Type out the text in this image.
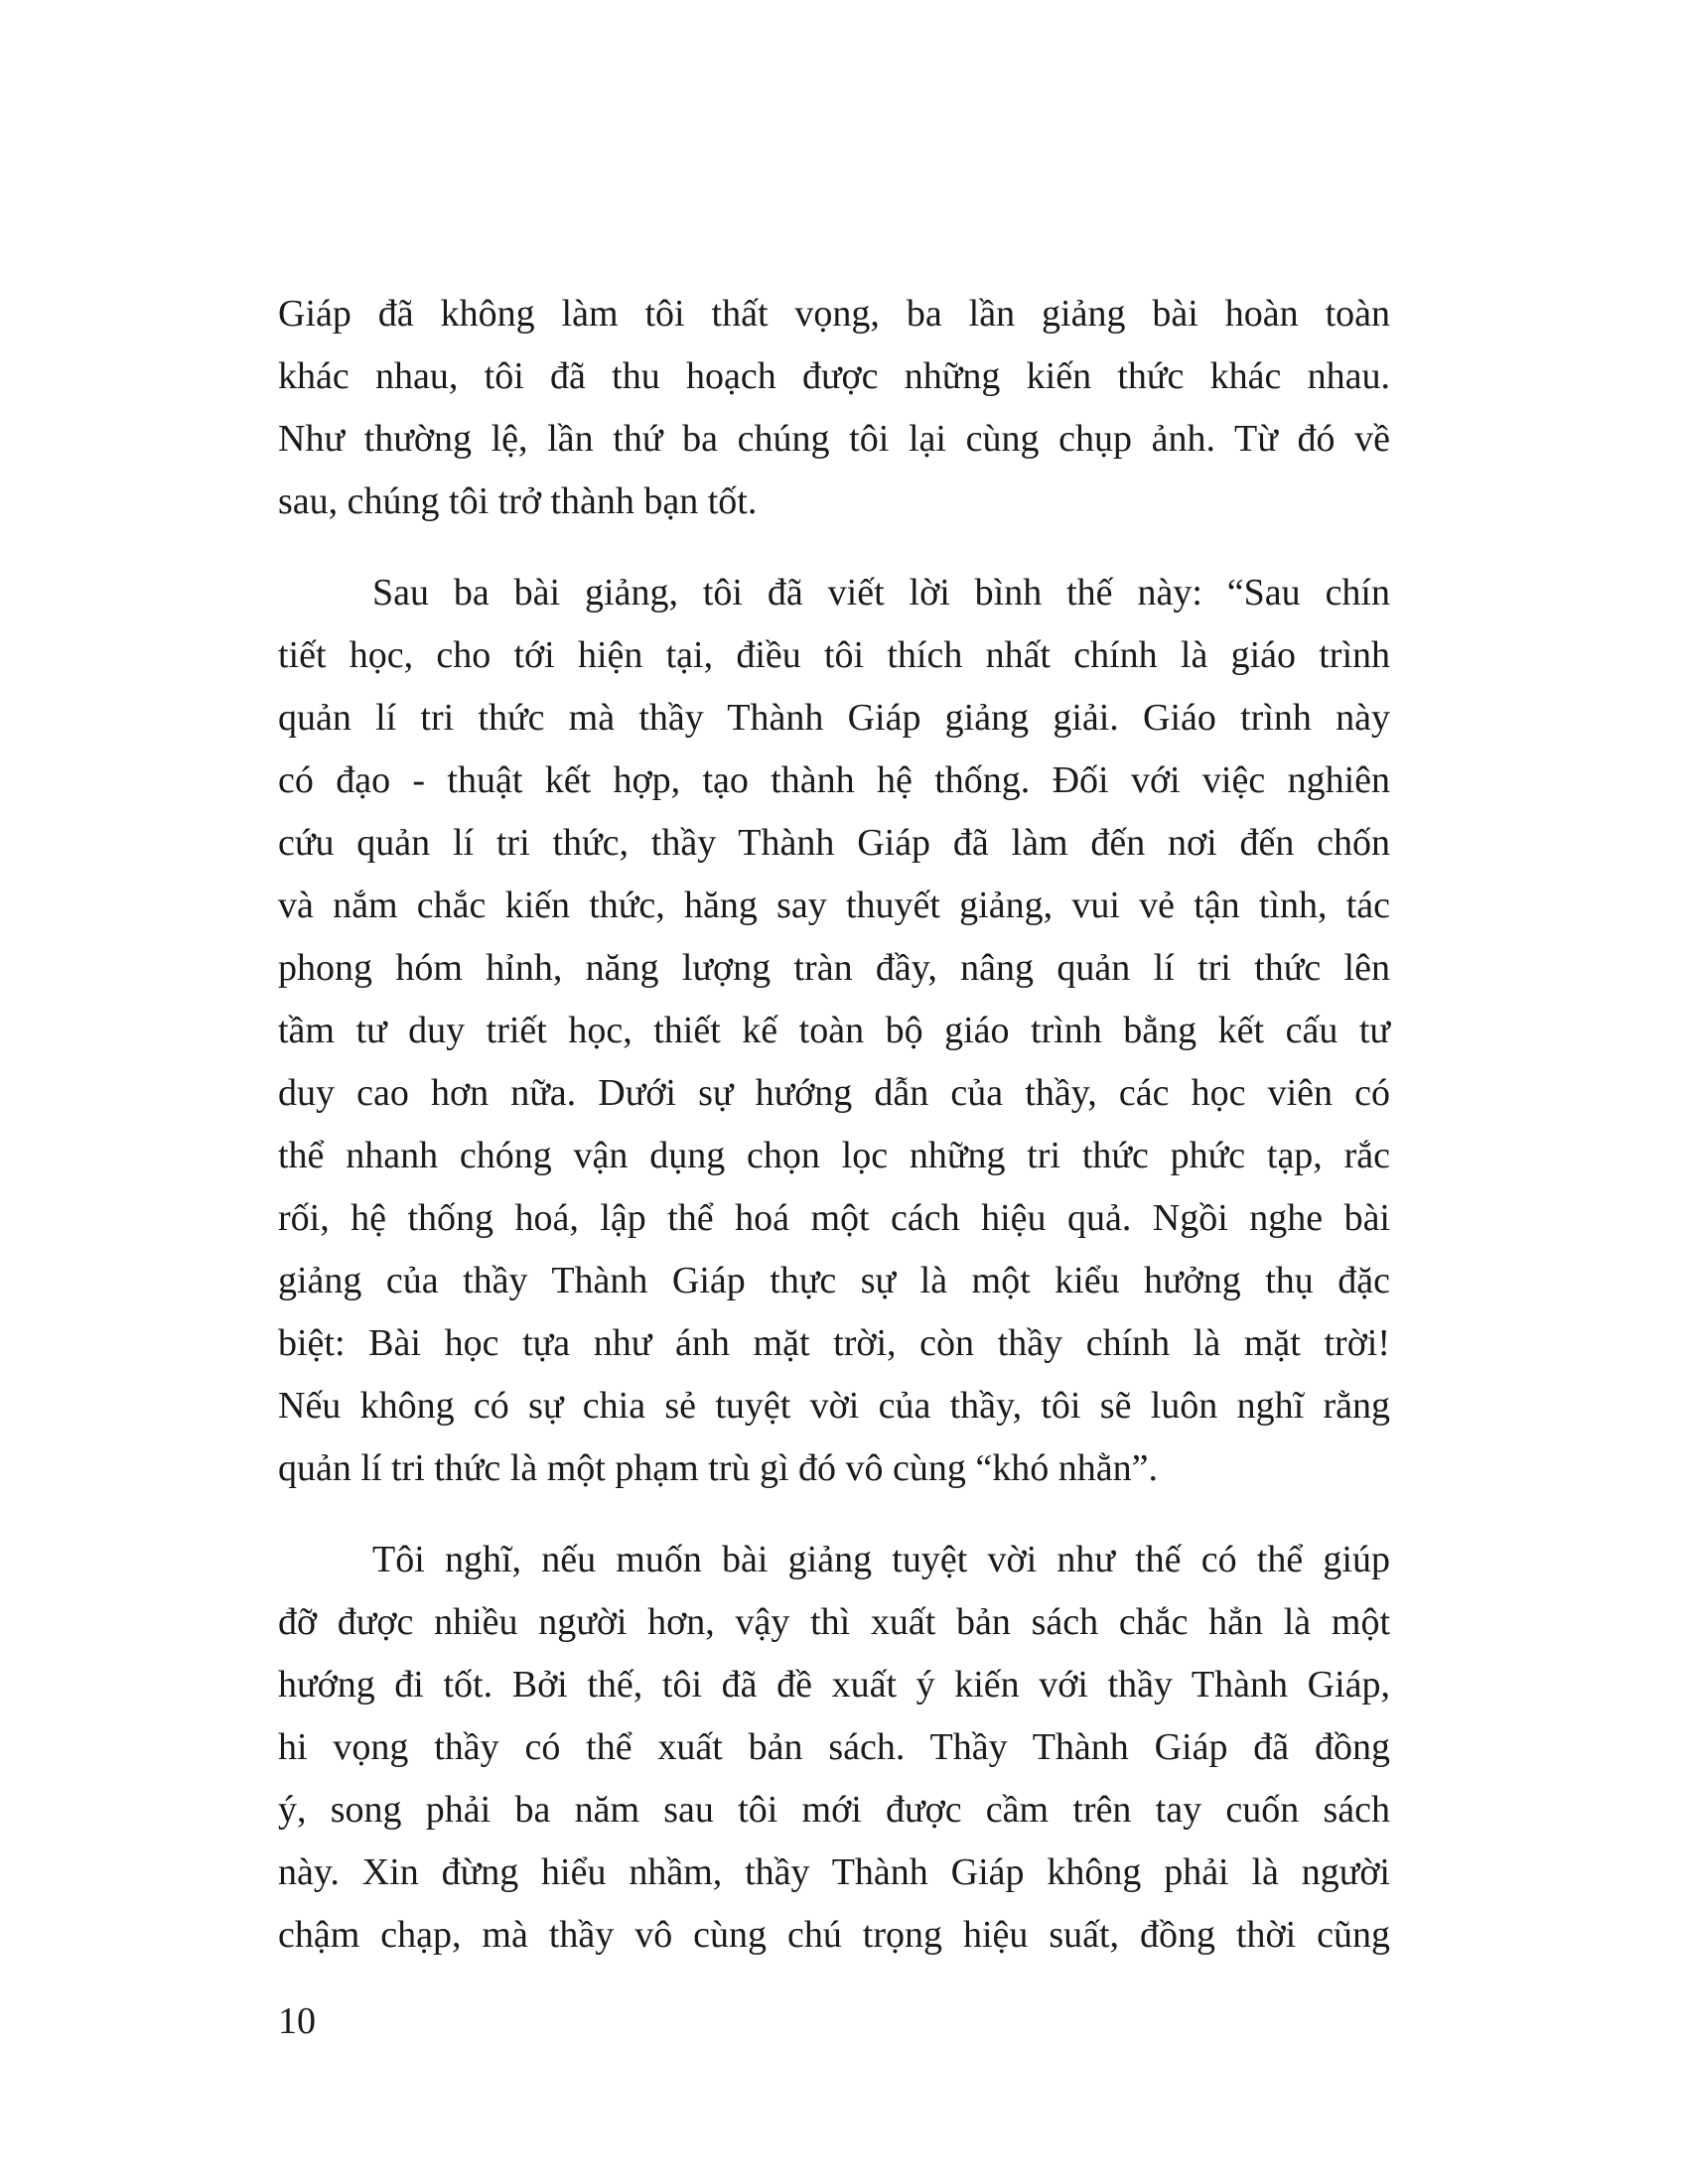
Giáp đã không làm tôi thất vọng, ba lần giảng bài hoàn toàn
khác nhau, tôi đã thu hoạch được những kiến thức khác nhau.
Như thường lệ, lần thứ ba chúng tôi lại cùng chụp ảnh. Từ đó về
sau, chúng tôi trở thành bạn tốt.
Sau ba bài giảng, tôi đã viết lời bình thế này: “Sau chín
tiết học, cho tới hiện tại, điều tôi thích nhất chính là giáo trình
quản lí tri thức mà thầy Thành Giáp giảng giải. Giáo trình này
có đạo - thuật kết hợp, tạo thành hệ thống. Đối với việc nghiên
cứu quản lí tri thức, thầy Thành Giáp đã làm đến nơi đến chốn
và nắm chắc kiến thức, hăng say thuyết giảng, vui vẻ tận tình, tác
phong hóm hỉnh, năng lượng tràn đầy, nâng quản lí tri thức lên
tầm tư duy triết học, thiết kế toàn bộ giáo trình bằng kết cấu tư
duy cao hơn nữa. Dưới sự hướng dẫn của thầy, các học viên có
thể nhanh chóng vận dụng chọn lọc những tri thức phức tạp, rắc
rối, hệ thống hoá, lập thể hoá một cách hiệu quả. Ngồi nghe bài
giảng của thầy Thành Giáp thực sự là một kiểu hưởng thụ đặc
biệt: Bài học tựa như ánh mặt trời, còn thầy chính là mặt trời!
Nếu không có sự chia sẻ tuyệt vời của thầy, tôi sẽ luôn nghĩ rằng
quản lí tri thức là một phạm trù gì đó vô cùng “khó nhằn”.
Tôi nghĩ, nếu muốn bài giảng tuyệt vời như thế có thể giúp
đỡ được nhiều người hơn, vậy thì xuất bản sách chắc hẳn là một
hướng đi tốt. Bởi thế, tôi đã đề xuất ý kiến với thầy Thành Giáp,
hi vọng thầy có thể xuất bản sách. Thầy Thành Giáp đã đồng
ý, song phải ba năm sau tôi mới được cầm trên tay cuốn sách
này. Xin đừng hiểu nhầm, thầy Thành Giáp không phải là người
chậm chạp, mà thầy vô cùng chú trọng hiệu suất, đồng thời cũng
10
